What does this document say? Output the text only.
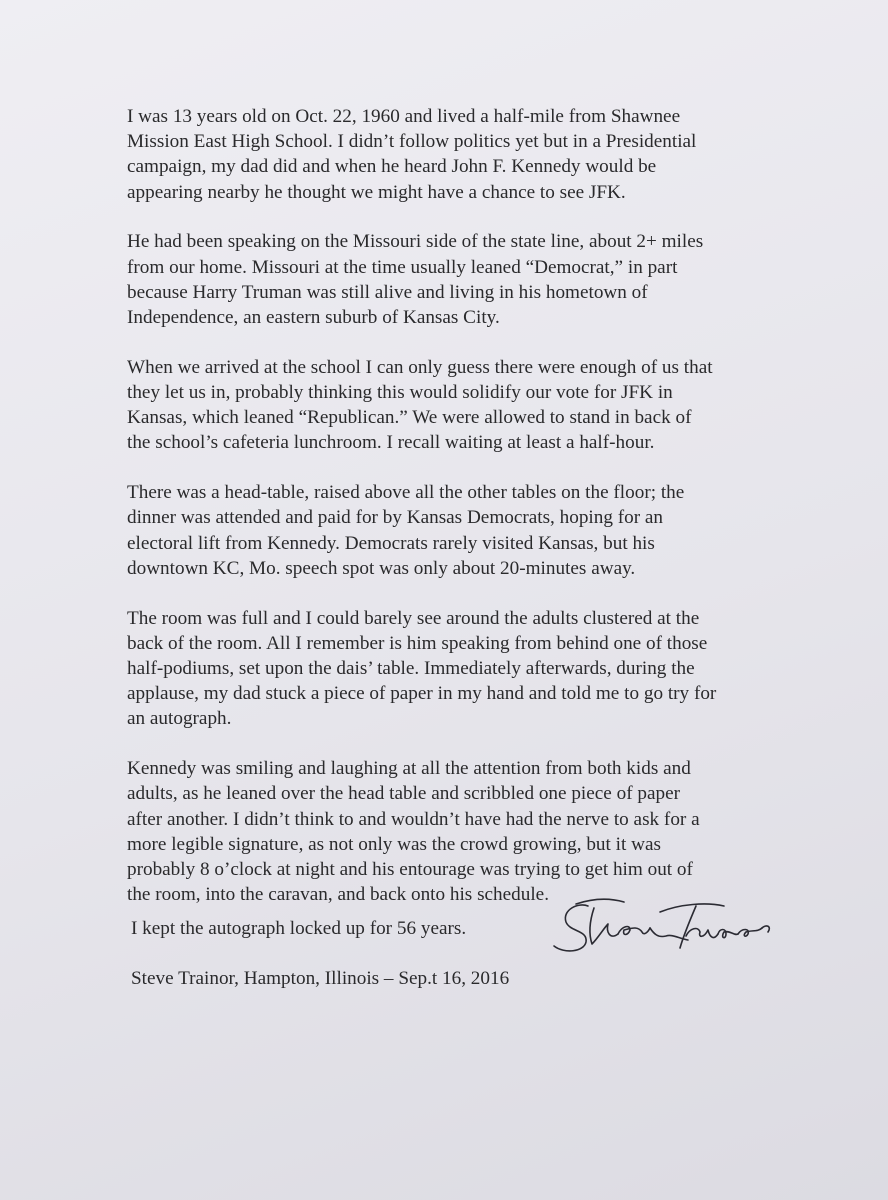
I was 13 years old on Oct. 22, 1960 and lived a half-mile from Shawnee
Mission East High School. I didn’t follow politics yet but in a Presidential
campaign, my dad did and when he heard John F. Kennedy would be
appearing nearby he thought we might have a chance to see JFK.

He had been speaking on the Missouri side of the state line, about 2+ miles
from our home. Missouri at the time usually leaned “Democrat,” in part
because Harry Truman was still alive and living in his hometown of
Independence, an eastern suburb of Kansas City.

When we arrived at the school I can only guess there were enough of us that
they let us in, probably thinking this would solidify our vote for JFK in
Kansas, which leaned “Republican.” We were allowed to stand in back of
the school’s cafeteria lunchroom. I recall waiting at least a half-hour.

There was a head-table, raised above all the other tables on the floor; the
dinner was attended and paid for by Kansas Democrats, hoping for an
electoral lift from Kennedy. Democrats rarely visited Kansas, but his
downtown KC, Mo. speech spot was only about 20-minutes away.

The room was full and I could barely see around the adults clustered at the
back of the room. All I remember is him speaking from behind one of those
half-podiums, set upon the dais’ table. Immediately afterwards, during the
applause, my dad stuck a piece of paper in my hand and told me to go try for
an autograph.

Kennedy was smiling and laughing at all the attention from both kids and
adults, as he leaned over the head table and scribbled one piece of paper
after another. I didn’t think to and wouldn’t have had the nerve to ask for a
more legible signature, as not only was the crowd growing, but it was
probably 8 o’clock at night and his entourage was trying to get him out of
the room, into the caravan, and back onto his schedule.

I kept the autograph locked up for 56 years.
Steve Trainor, Hampton, Illinois – Sep.t 16, 2016
